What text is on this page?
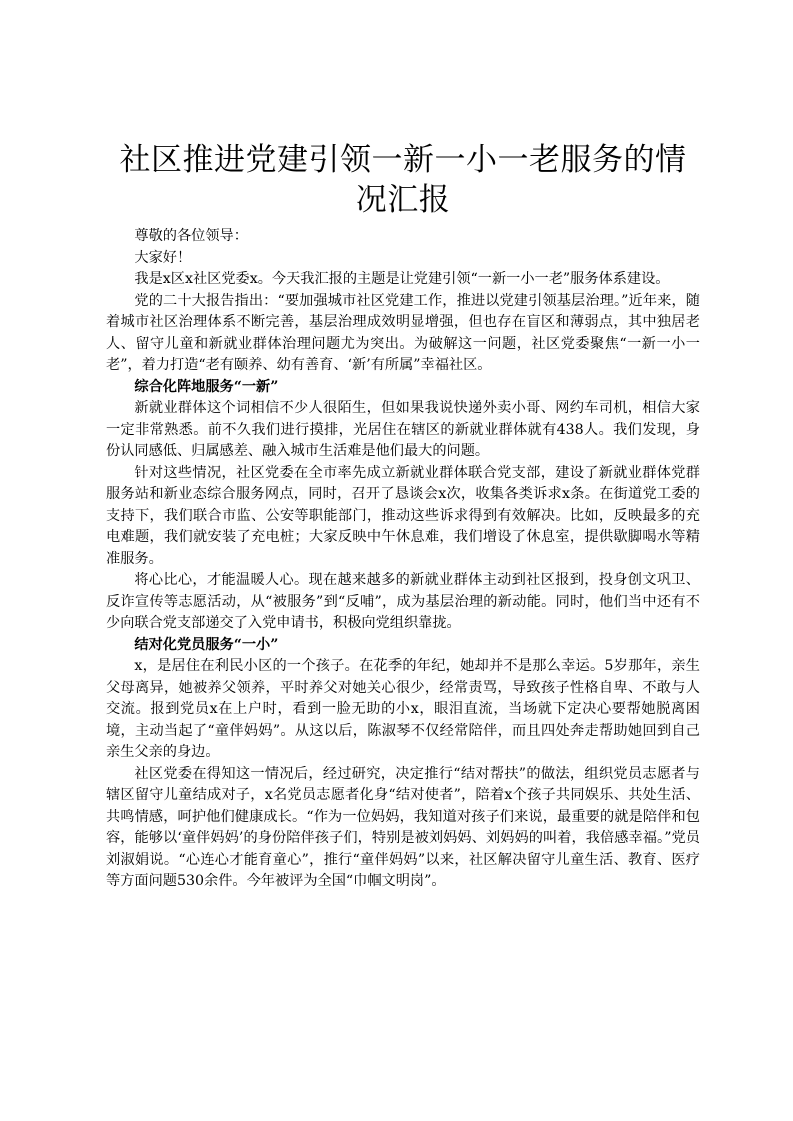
社区推进党建引领一新一小一老服务的情况汇报

尊敬的各位领导：

大家好！

我是x区x社区党委x。今天我汇报的主题是让党建引领“一新一小一老”服务体系建设。

党的二十大报告指出：“要加强城市社区党建工作，推进以党建引领基层治理。”近年来，随着城市社区治理体系不断完善，基层治理成效明显增强，但也存在盲区和薄弱点，其中独居老人、留守儿童和新就业群体治理问题尤为突出。为破解这一问题，社区党委聚焦“一新一小一老”，着力打造“老有颐养、幼有善育、‘新’有所属”幸福社区。

综合化阵地服务“一新”

新就业群体这个词相信不少人很陌生，但如果我说快递外卖小哥、网约车司机，相信大家一定非常熟悉。前不久我们进行摸排，光居住在辖区的新就业群体就有438人。我们发现，身份认同感低、归属感差、融入城市生活难是他们最大的问题。

针对这些情况，社区党委在全市率先成立新就业群体联合党支部，建设了新就业群体党群服务站和新业态综合服务网点，同时，召开了恳谈会x次，收集各类诉求x条。在街道党工委的支持下，我们联合市监、公安等职能部门，推动这些诉求得到有效解决。比如，反映最多的充电难题，我们就安装了充电桩；大家反映中午休息难，我们增设了休息室，提供歇脚喝水等精准服务。

将心比心，才能温暖人心。现在越来越多的新就业群体主动到社区报到，投身创文巩卫、反诈宣传等志愿活动，从“被服务”到“反哺”，成为基层治理的新动能。同时，他们当中还有不少向联合党支部递交了入党申请书，积极向党组织靠拢。

结对化党员服务“一小”

x，是居住在利民小区的一个孩子。在花季的年纪，她却并不是那么幸运。5岁那年，亲生父母离异，她被养父领养，平时养父对她关心很少，经常责骂，导致孩子性格自卑、不敢与人交流。报到党员x在上户时，看到一脸无助的小x，眼泪直流，当场就下定决心要帮她脱离困境，主动当起了“童伴妈妈”。从这以后，陈淑琴不仅经常陪伴，而且四处奔走帮助她回到自己亲生父亲的身边。

社区党委在得知这一情况后，经过研究，决定推行“结对帮扶”的做法，组织党员志愿者与辖区留守儿童结成对子，x名党员志愿者化身“结对使者”，陪着x个孩子共同娱乐、共处生活、共鸣情感，呵护他们健康成长。“作为一位妈妈，我知道对孩子们来说，最重要的就是陪伴和包容，能够以‘童伴妈妈’的身份陪伴孩子们，特别是被刘妈妈、刘妈妈的叫着，我倍感幸福。”党员刘淑娟说。“心连心才能育童心”，推行“童伴妈妈”以来，社区解决留守儿童生活、教育、医疗等方面问题530余件。今年被评为全国“巾帼文明岗”。
